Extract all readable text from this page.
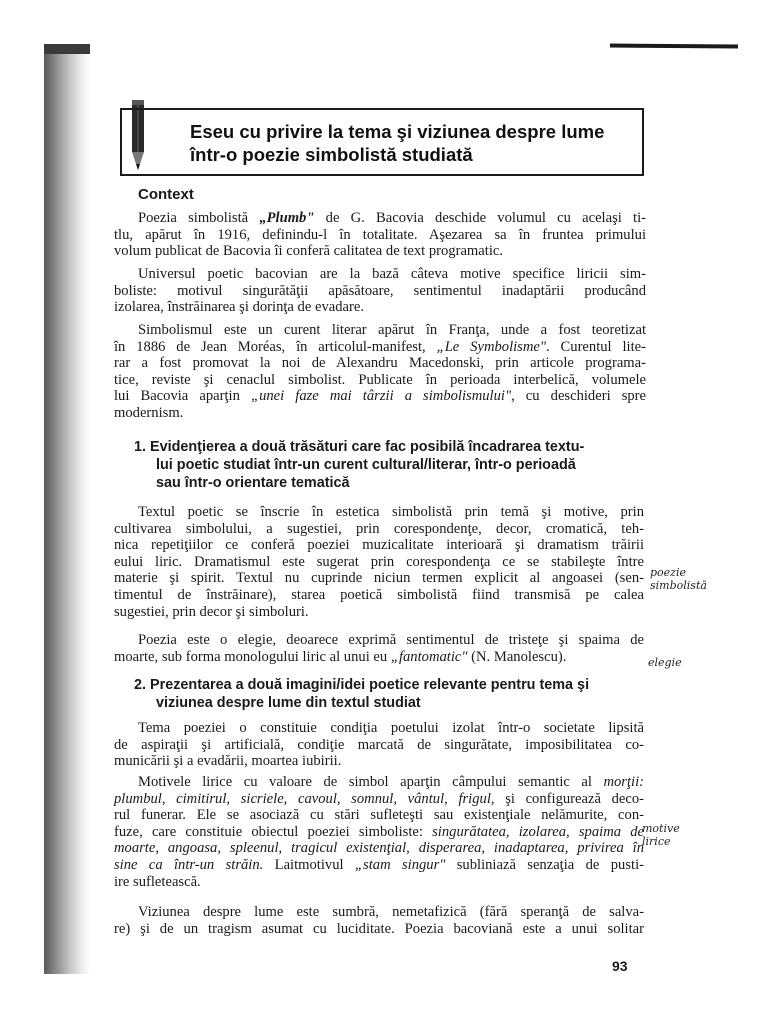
Eseu cu privire la tema şi viziunea despre lume
într-o poezie simbolistă studiată
Context
Poezia simbolistă „Plumb" de G. Bacovia deschide volumul cu acelaşi ti-
tlu, apărut în 1916, definindu-l în totalitate. Aşezarea sa în fruntea primului
volum publicat de Bacovia îi conferă calitatea de text programatic.
Universul poetic bacovian are la bază câteva motive specifice liricii sim-
boliste: motivul singurătăţii apăsătoare, sentimentul inadaptării producând
izolarea, înstrăinarea şi dorinţa de evadare.
Simbolismul este un curent literar apărut în Franţa, unde a fost teoretizat
în 1886 de Jean Moréas, în articolul-manifest, „Le Symbolisme". Curentul lite-
rar a fost promovat la noi de Alexandru Macedonski, prin articole programa-
tice, reviste şi cenaclul simbolist. Publicate în perioada interbelică, volumele
lui Bacovia aparţin „unei faze mai târzii a simbolismului", cu deschideri spre
modernism.
1. Evidenţierea a două trăsături care fac posibilă încadrarea textu-
lui poetic studiat într-un curent cultural/literar, într-o perioadă
sau într-o orientare tematică
Textul poetic se înscrie în estetica simbolistă prin temă şi motive, prin
cultivarea simbolului, a sugestiei, prin corespondenţe, decor, cromatică, teh-
nica repetiţiilor ce conferă poeziei muzicalitate interioară şi dramatism trăirii
eului liric. Dramatismul este sugerat prin corespondenţa ce se stabileşte între
materie şi spirit. Textul nu cuprinde niciun termen explicit al angoasei (sen-
timentul de înstrăinare), starea poetică simbolistă fiind transmisă pe calea
sugestiei, prin decor şi simboluri.
Poezia este o elegie, deoarece exprimă sentimentul de tristeţe şi spaima de
moarte, sub forma monologului liric al unui eu „fantomatic" (N. Manolescu).
2. Prezentarea a două imagini/idei poetice relevante pentru tema şi
viziunea despre lume din textul studiat
Tema poeziei o constituie condiţia poetului izolat într-o societate lipsită
de aspiraţii şi artificială, condiţie marcată de singurătate, imposibilitatea co-
municării şi a evadării, moartea iubirii.
Motivele lirice cu valoare de simbol aparţin câmpului semantic al morţii:
plumbul, cimitirul, sicriele, cavoul, somnul, vântul, frigul, şi configurează deco-
rul funerar. Ele se asociază cu stări sufleteşti sau existenţiale nelămurite, con-
fuze, care constituie obiectul poeziei simboliste: singurătatea, izolarea, spaima de
moarte, angoasa, spleenul, tragicul existenţial, disperarea, inadaptarea, privirea în
sine ca într-un străin. Laitmotivul „stam singur" subliniază senzaţia de pusti-
ire sufletească.
Viziunea despre lume este sumbră, nemetafizică (fără speranţă de salva-
re) şi de un tragism asumat cu luciditate. Poezia bacoviană este a unui solitar
poezie
simbolistă
elegie
motive
lirice
93
